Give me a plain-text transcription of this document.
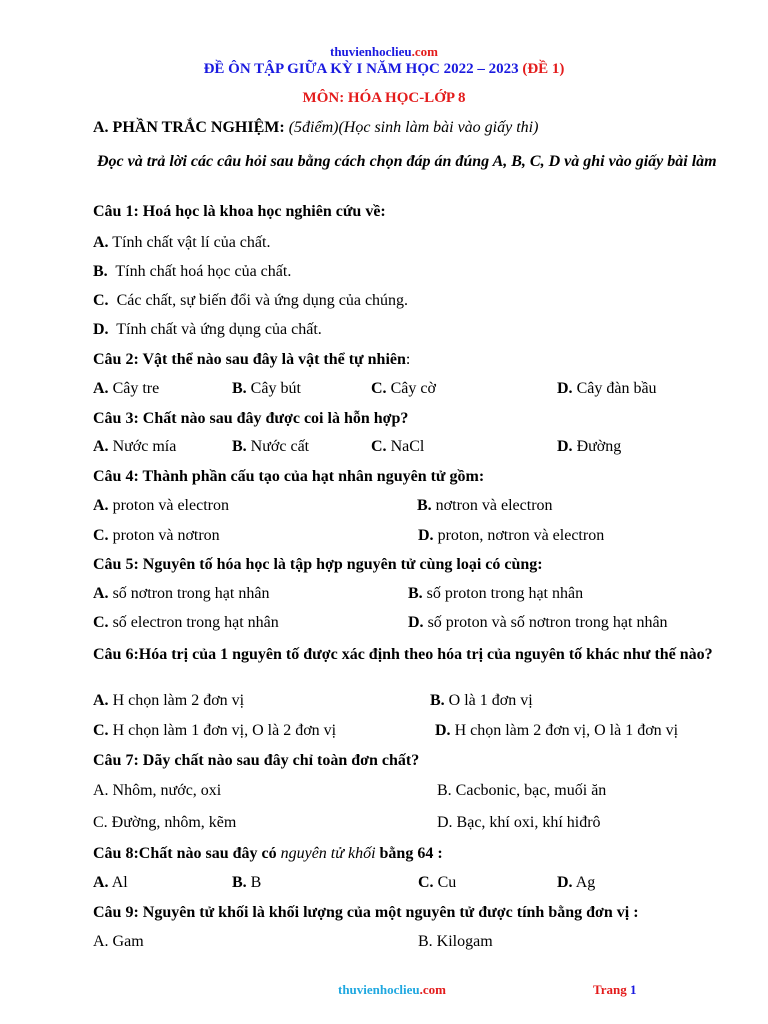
thuvienhoclieu.com
ĐỀ ÔN TẬP GIỮA KỲ I NĂM HỌC 2022 – 2023 (ĐỀ 1)
MÔN: HÓA HỌC-LỚP 8
A. PHẦN TRẮC NGHIỆM: (5điểm)(Học sinh làm bài vào giấy thi)
Đọc và trả lời các câu hỏi sau bằng cách chọn đáp án đúng A, B, C, D và ghi vào giấy bài làm
Câu 1: Hoá học là khoa học nghiên cứu về:
A. Tính chất vật lí của chất.
B. Tính chất hoá học của chất.
C. Các chất, sự biến đổi và ứng dụng của chúng.
D. Tính chất và ứng dụng của chất.
Câu 2: Vật thể nào sau đây là vật thể tự nhiên:
A. Cây tre	B. Cây bút	C. Cây cờ	D. Cây đàn bầu
Câu 3: Chất nào sau đây được coi là hỗn hợp?
A. Nước mía	B. Nước cất	C. NaCl	D. Đường
Câu 4: Thành phần cấu tạo của hạt nhân nguyên tử gồm:
A. proton và electron	B. nơtron và electron
C. proton và nơtron	D. proton, nơtron và electron
Câu 5: Nguyên tố hóa học là tập hợp nguyên tử cùng loại có cùng:
A. số nơtron trong hạt nhân	B. số proton trong hạt nhân
C. số electron trong hạt nhân	D. số proton và số nơtron trong hạt nhân
Câu 6:Hóa trị của 1 nguyên tố được xác định theo hóa trị của nguyên tố khác như thế nào?
A. H chọn làm 2 đơn vị	B. O là 1 đơn vị
C. H chọn làm 1 đơn vị, O là 2 đơn vị	D. H chọn làm 2 đơn vị, O là 1 đơn vị
Câu 7: Dãy chất nào sau đây chỉ toàn đơn chất?
A. Nhôm, nước, oxi	B. Cacbonic, bạc, muối ăn
C. Đường, nhôm, kẽm	D. Bạc, khí oxi, khí hiđrô
Câu 8:Chất nào sau đây có nguyên tử khối bằng 64 :
A. Al	B. B	C. Cu	D. Ag
Câu 9: Nguyên tử khối là khối lượng của một nguyên tử được tính bằng đơn vị :
A. Gam	B. Kilogam
thuvienhoclieu.com	Trang 1
